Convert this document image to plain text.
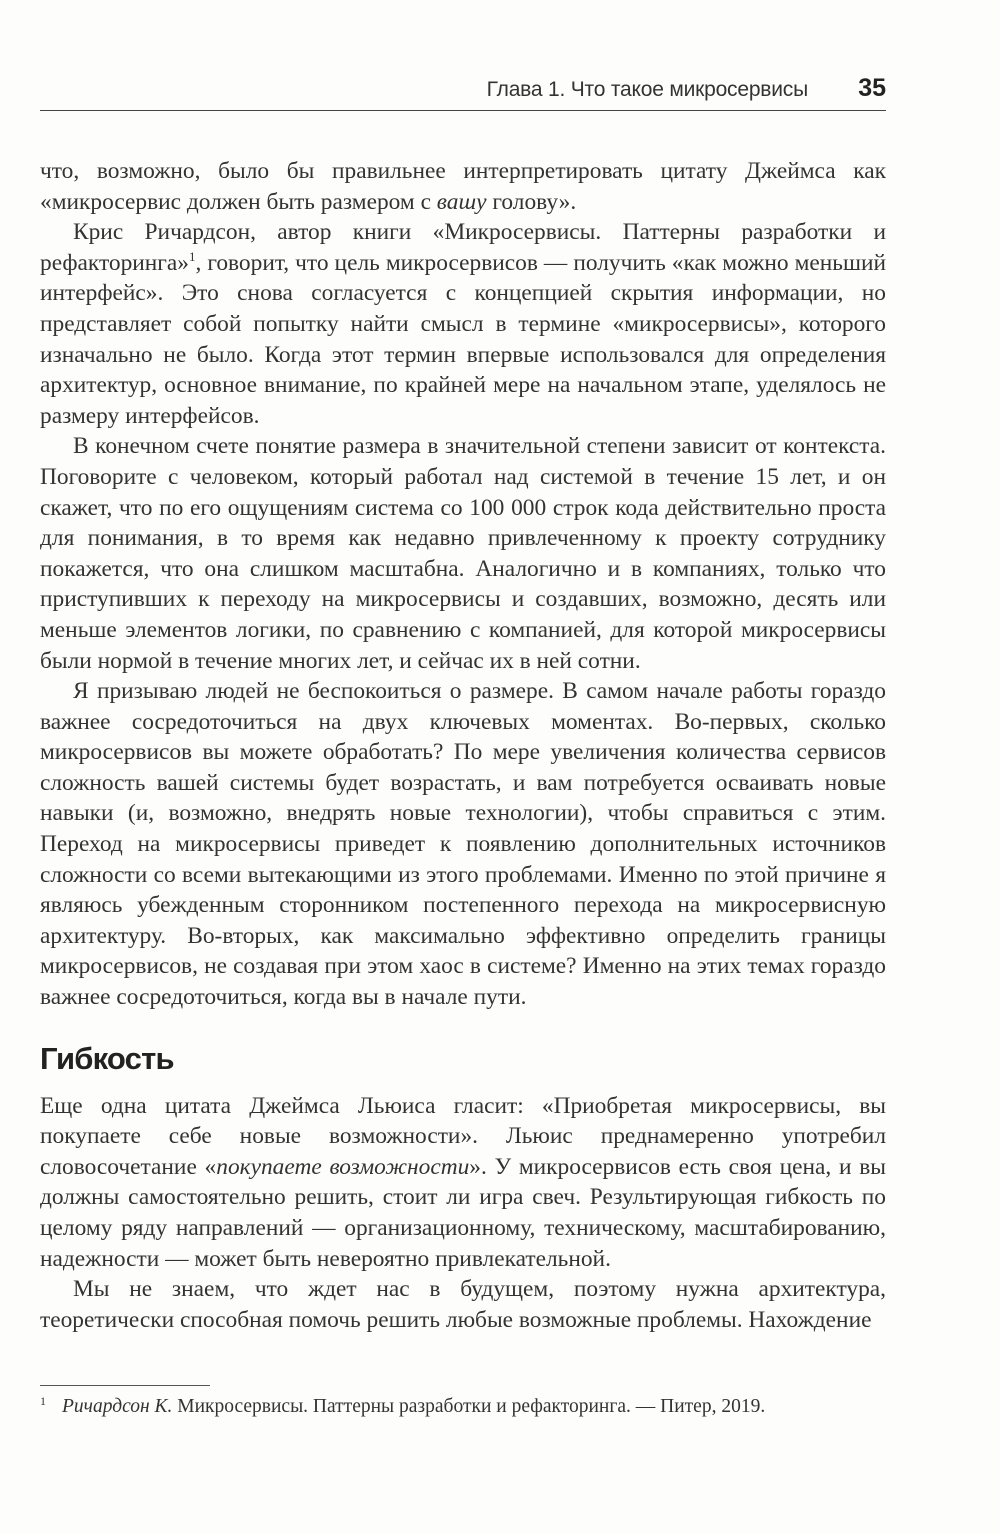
Глава 1. Что такое микросервисы 35

что, возможно, было бы правильнее интерпретировать цитату Джеймса как «микросервис должен быть размером с вашу голову».

Крис Ричардсон, автор книги «Микросервисы. Паттерны разработки и рефакторинга»$^1$, говорит, что цель микросервисов — получить «как можно меньший интерфейс». Это снова согласуется с концепцией скрытия информации, но представляет собой попытку найти смысл в термине «микросервисы», которого изначально не было. Когда этот термин впервые использовался для определения архитектур, основное внимание, по крайней мере на начальном этапе, уделялось не размеру интерфейсов.

В конечном счете понятие размера в значительной степени зависит от контекста. Поговорите с человеком, который работал над системой в течение 15 лет, и он скажет, что по его ощущениям система со 100 000 строк кода действительно проста для понимания, в то время как недавно привлеченному к проекту сотруднику покажется, что она слишком масштабна. Аналогично и в компаниях, только что приступивших к переходу на микросервисы и создавших, возможно, десять или меньше элементов логики, по сравнению с компанией, для которой микросервисы были нормой в течение многих лет, и сейчас их в ней сотни.

Я призываю людей не беспокоиться о размере. В самом начале работы гораздо важнее сосредоточиться на двух ключевых моментах. Во-первых, сколько микросервисов вы можете обработать? По мере увеличения количества сервисов сложность вашей системы будет возрастать, и вам потребуется осваивать новые навыки (и, возможно, внедрять новые технологии), чтобы справиться с этим. Переход на микросервисы приведет к появлению дополнительных источников сложности со всеми вытекающими из этого проблемами. Именно по этой причине я являюсь убежденным сторонником постепенного перехода на микросервисную архитектуру. Во-вторых, как максимально эффективно определить границы микросервисов, не создавая при этом хаос в системе? Именно на этих темах гораздо важнее сосредоточиться, когда вы в начале пути.

Гибкость

Еще одна цитата Джеймса Льюиса гласит: «Приобретая микросервисы, вы покупаете себе новые возможности». Льюис преднамеренно употребил словосочетание «покупаете возможности». У микросервисов есть своя цена, и вы должны самостоятельно решить, стоит ли игра свеч. Результирующая гибкость по целому ряду направлений — организационному, техническому, масштабированию, надежности — может быть невероятно привлекательной.

Мы не знаем, что ждет нас в будущем, поэтому нужна архитектура, теоретически способная помочь решить любые возможные проблемы. Нахождение

1 Ричардсон К. Микросервисы. Паттерны разработки и рефакторинга. — Питер, 2019.
